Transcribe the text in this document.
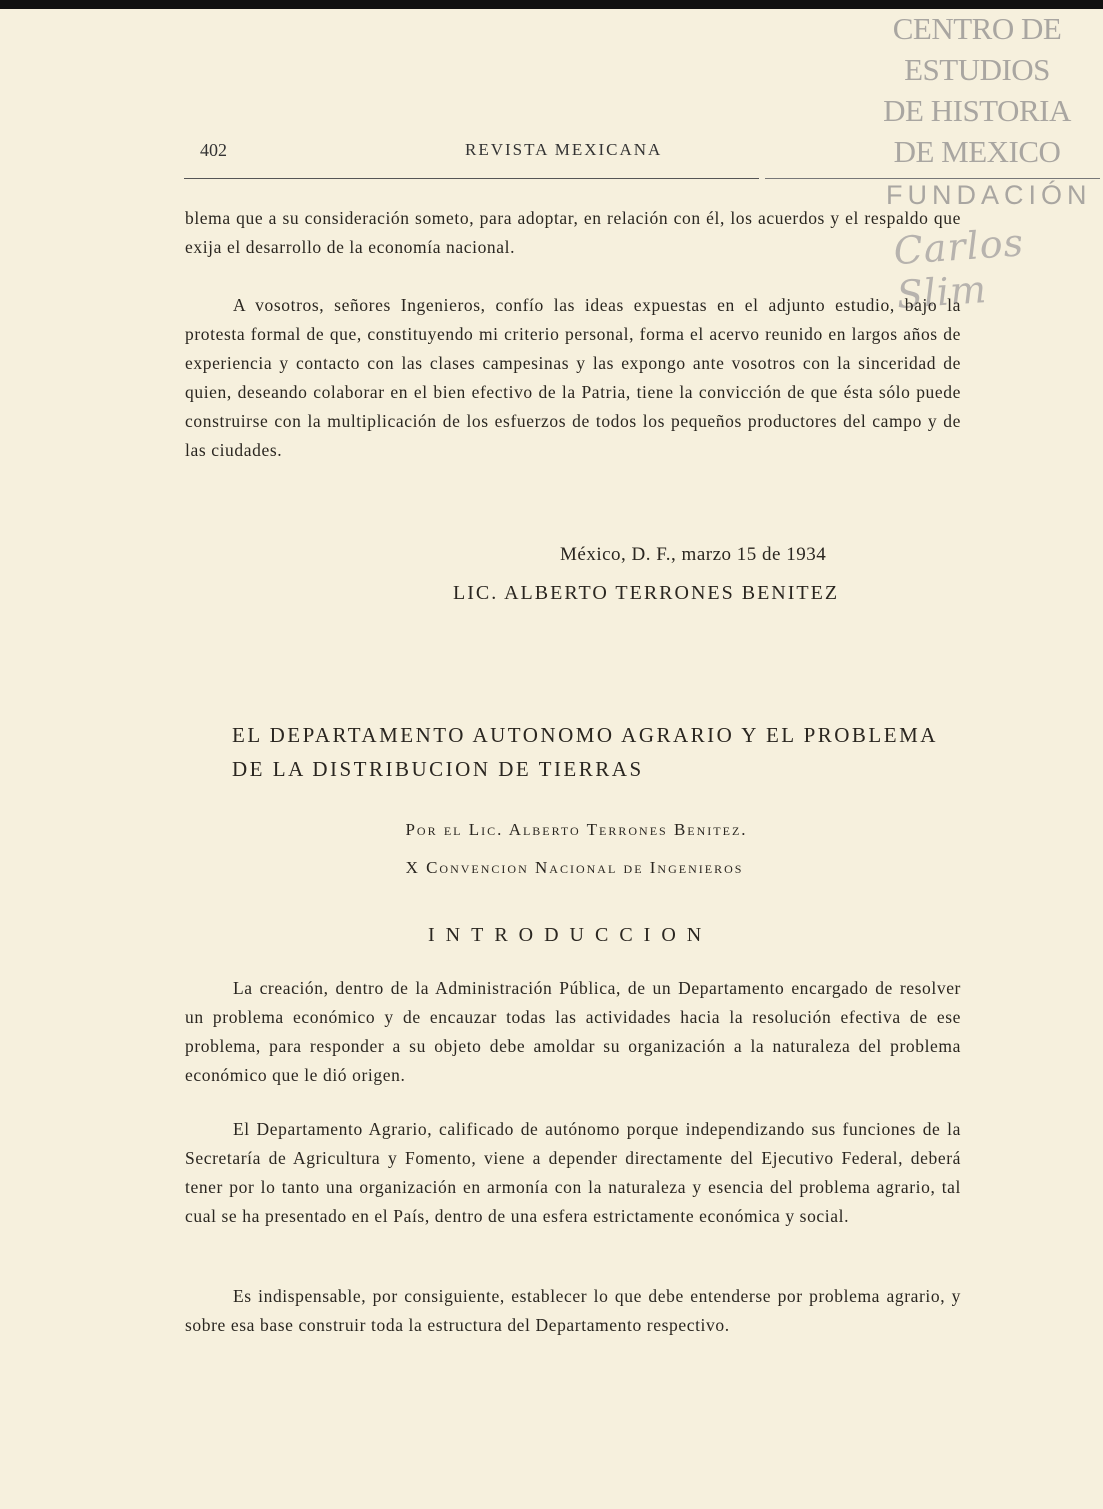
CENTRO DE
ESTUDIOS
DE HISTORIA
DE MEXICO
FUNDACIÓN
Carlos Slim
402	REVISTA MEXICANA

blema que a su consideración someto, para adoptar, en relación con él, los acuerdos y el respaldo que exija el desarrollo de la economía nacional.

A vosotros, señores Ingenieros, confío las ideas expuestas en el adjunto estudio, bajo la protesta formal de que, constituyendo mi criterio personal, forma el acervo reunido en largos años de experiencia y contacto con las clases campesinas y las expongo ante vosotros con la sinceridad de quien, deseando colaborar en el bien efectivo de la Patria, tiene la convicción de que ésta sólo puede construirse con la multiplicación de los esfuerzos de todos los pequeños productores del campo y de las ciudades.

México, D. F., marzo 15 de 1934
LIC. ALBERTO TERRONES BENITEZ
EL DEPARTAMENTO AUTONOMO AGRARIO Y EL PROBLEMA DE LA DISTRIBUCION DE TIERRAS
Por el Lic. Alberto Terrones Benitez.
X Convencion Nacional de Ingenieros
INTRODUCCION

La creación, dentro de la Administración Pública, de un Departamento encargado de resolver un problema económico y de encauzar todas las actividades hacia la resolución efectiva de ese problema, para responder a su objeto debe amoldar su organización a la naturaleza del problema económico que le dió origen.

El Departamento Agrario, calificado de autónomo porque independizando sus funciones de la Secretaría de Agricultura y Fomento, viene a depender directamente del Ejecutivo Federal, deberá tener por lo tanto una organización en armonía con la naturaleza y esencia del problema agrario, tal cual se ha presentado en el País, dentro de una esfera estrictamente económica y social.

Es indispensable, por consiguiente, establecer lo que debe entenderse por problema agrario, y sobre esa base construir toda la estructura del Departamento respectivo.
